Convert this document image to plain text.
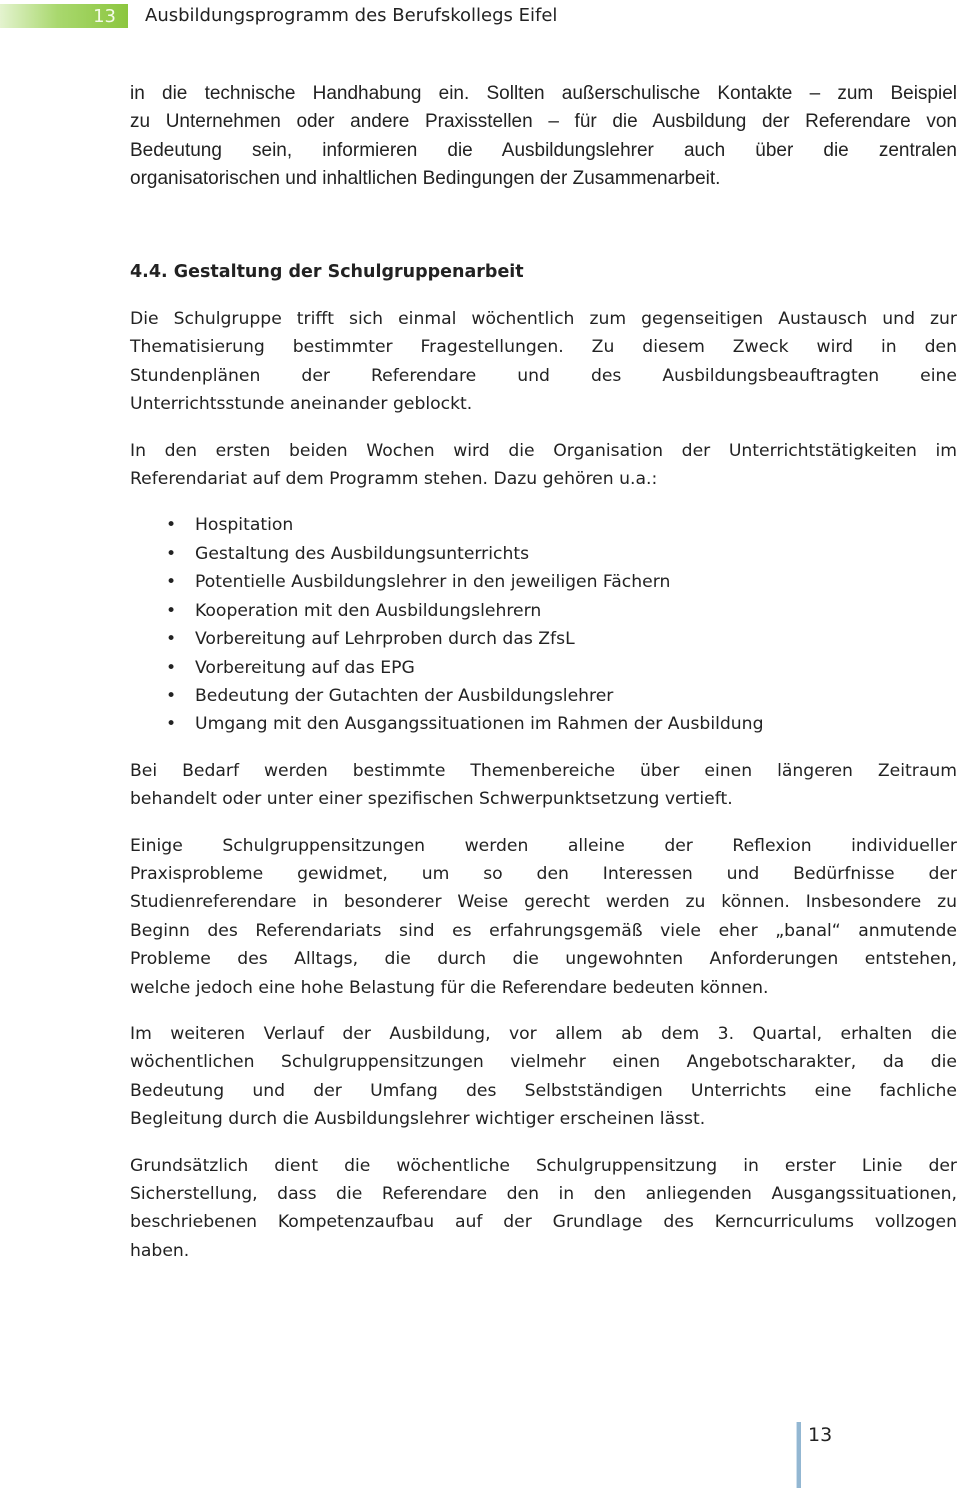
13 Ausbildungsprogramm des Berufskollegs Eifel
in die technische Handhabung ein. Sollten außerschulische Kontakte – zum Beispiel
zu Unternehmen oder andere Praxisstellen – für die Ausbildung der Referendare von
Bedeutung sein, informieren die Ausbildungslehrer auch über die zentralen
organisatorischen und inhaltlichen Bedingungen der Zusammenarbeit.
4.4. Gestaltung der Schulgruppenarbeit
Die Schulgruppe trifft sich einmal wöchentlich zum gegenseitigen Austausch und zur
Thematisierung bestimmter Fragestellungen. Zu diesem Zweck wird in den
Stundenplänen der Referendare und des Ausbildungsbeauftragten eine
Unterrichtsstunde aneinander geblockt.
In den ersten beiden Wochen wird die Organisation der Unterrichtstätigkeiten im
Referendariat auf dem Programm stehen. Dazu gehören u.a.:
• Hospitation
• Gestaltung des Ausbildungsunterrichts
• Potentielle Ausbildungslehrer in den jeweiligen Fächern
• Kooperation mit den Ausbildungslehrern
• Vorbereitung auf Lehrproben durch das ZfsL
• Vorbereitung auf das EPG
• Bedeutung der Gutachten der Ausbildungslehrer
• Umgang mit den Ausgangssituationen im Rahmen der Ausbildung
Bei Bedarf werden bestimmte Themenbereiche über einen längeren Zeitraum
behandelt oder unter einer spezifischen Schwerpunktsetzung vertieft.
Einige Schulgruppensitzungen werden alleine der Reflexion individueller
Praxisprobleme gewidmet, um so den Interessen und Bedürfnisse der
Studienreferendare in besonderer Weise gerecht werden zu können. Insbesondere zu
Beginn des Referendariats sind es erfahrungsgemäß viele eher „banal“ anmutende
Probleme des Alltags, die durch die ungewohnten Anforderungen entstehen,
welche jedoch eine hohe Belastung für die Referendare bedeuten können.
Im weiteren Verlauf der Ausbildung, vor allem ab dem 3. Quartal, erhalten die
wöchentlichen Schulgruppensitzungen vielmehr einen Angebotscharakter, da die
Bedeutung und der Umfang des Selbstständigen Unterrichts eine fachliche
Begleitung durch die Ausbildungslehrer wichtiger erscheinen lässt.
Grundsätzlich dient die wöchentliche Schulgruppensitzung in erster Linie der
Sicherstellung, dass die Referendare den in den anliegenden Ausgangssituationen,
beschriebenen Kompetenzaufbau auf der Grundlage des Kerncurriculums vollzogen
haben.
13
